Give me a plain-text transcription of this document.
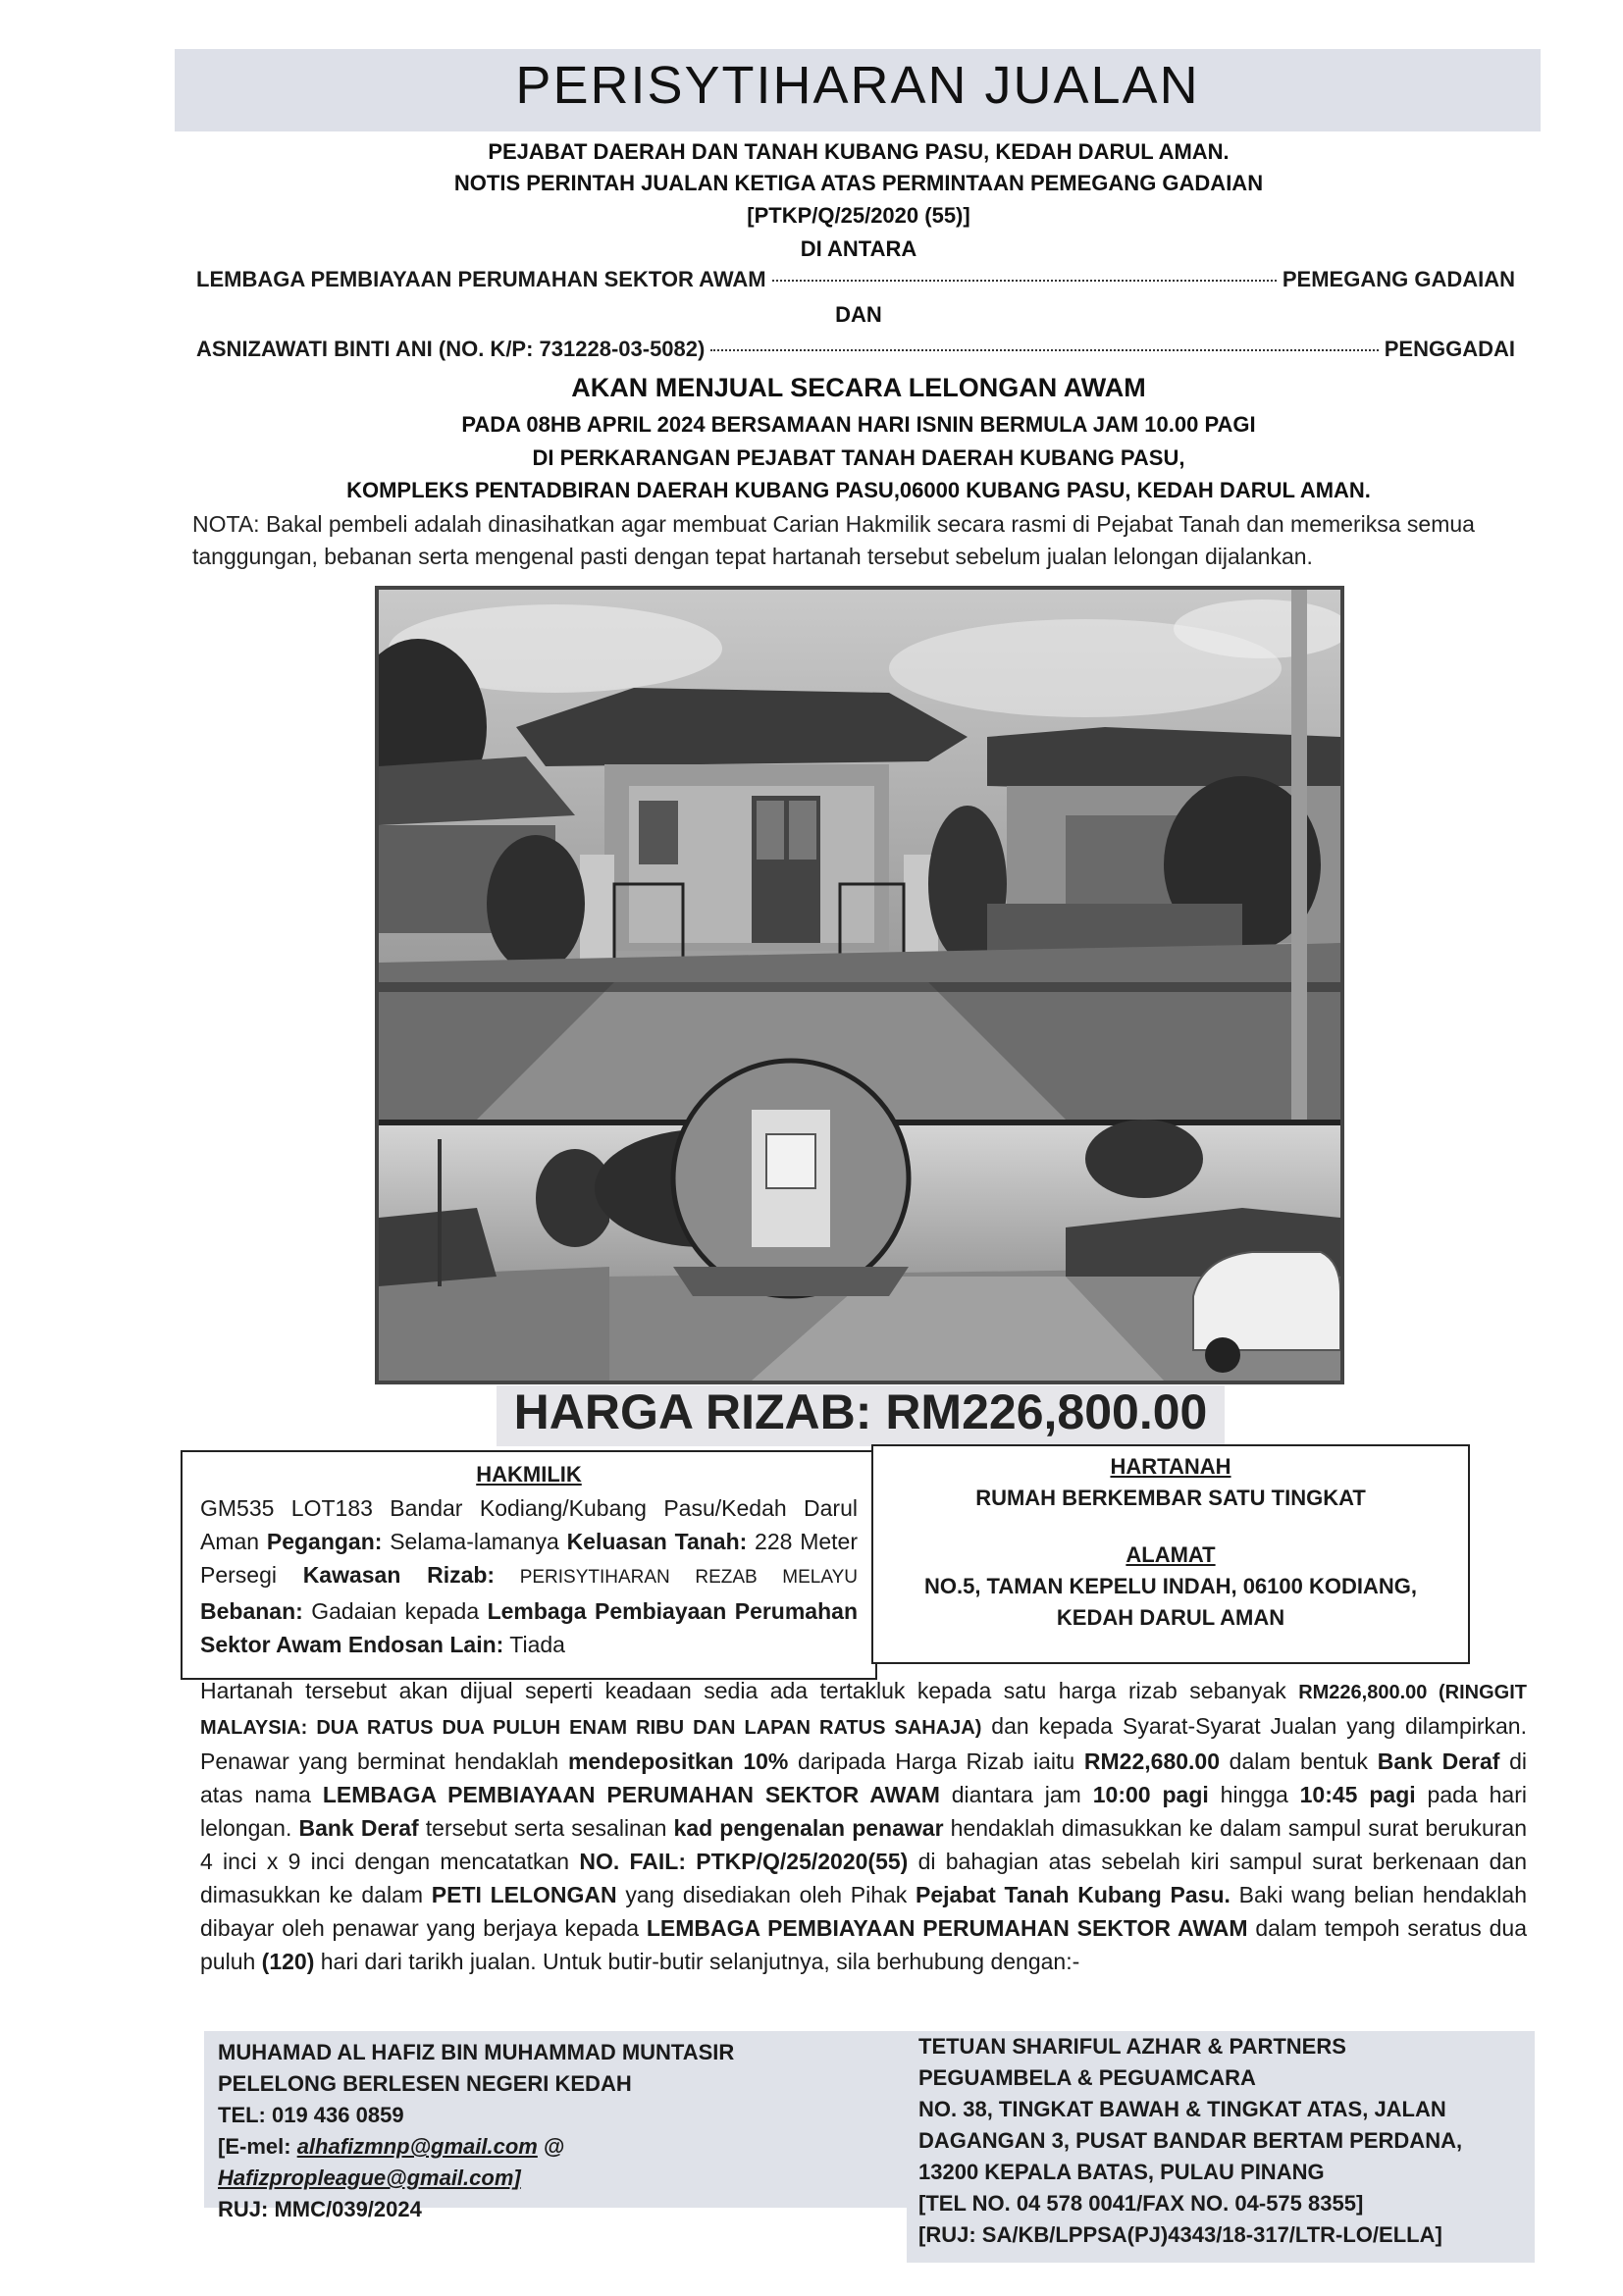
PERISYTIHARAN JUALAN
PEJABAT DAERAH DAN TANAH KUBANG PASU, KEDAH DARUL AMAN.
NOTIS PERINTAH JUALAN KETIGA ATAS PERMINTAAN PEMEGANG GADAIAN
[PTKP/Q/25/2020 (55)]
DI ANTARA
LEMBAGA PEMBIAYAAN PERUMAHAN SEKTOR AWAM	PEMEGANG GADAIAN
DAN
ASNIZAWATI BINTI ANI (NO. K/P: 731228-03-5082)	PENGGADAI
AKAN MENJUAL SECARA LELONGAN AWAM
PADA 08HB APRIL 2024 BERSAMAAN HARI ISNIN BERMULA JAM 10.00 PAGI
DI PERKARANGAN PEJABAT TANAH DAERAH KUBANG PASU,
KOMPLEKS PENTADBIRAN DAERAH KUBANG PASU,06000 KUBANG PASU, KEDAH DARUL AMAN.
NOTA: Bakal pembeli adalah dinasihatkan agar membuat Carian Hakmilik secara rasmi di Pejabat Tanah dan memeriksa semua tanggungan, bebanan serta mengenal pasti dengan tepat hartanah tersebut sebelum jualan lelongan dijalankan.
HARGA RIZAB: RM226,800.00
HAKMILIK
GM535 LOT183 Bandar Kodiang/Kubang Pasu/Kedah Darul Aman Pegangan: Selama-lamanya Keluasan Tanah: 228 Meter Persegi Kawasan Rizab: PERISYTIHARAN REZAB MELAYU Bebanan: Gadaian kepada Lembaga Pembiayaan Perumahan Sektor Awam Endosan Lain: Tiada
HARTANAH
RUMAH BERKEMBAR SATU TINGKAT
ALAMAT
NO.5, TAMAN KEPELU INDAH, 06100 KODIANG,
KEDAH DARUL AMAN
Hartanah tersebut akan dijual seperti keadaan sedia ada tertakluk kepada satu harga rizab sebanyak RM226,800.00 (RINGGIT MALAYSIA: DUA RATUS DUA PULUH ENAM RIBU DAN LAPAN RATUS SAHAJA) dan kepada Syarat-Syarat Jualan yang dilampirkan. Penawar yang berminat hendaklah mendepositkan 10% daripada Harga Rizab iaitu RM22,680.00 dalam bentuk Bank Deraf di atas nama LEMBAGA PEMBIAYAAN PERUMAHAN SEKTOR AWAM diantara jam 10:00 pagi hingga 10:45 pagi pada hari lelongan. Bank Deraf tersebut serta sesalinan kad pengenalan penawar hendaklah dimasukkan ke dalam sampul surat berukuran 4 inci x 9 inci dengan mencatatkan NO. FAIL: PTKP/Q/25/2020(55) di bahagian atas sebelah kiri sampul surat berkenaan dan dimasukkan ke dalam PETI LELONGAN yang disediakan oleh Pihak Pejabat Tanah Kubang Pasu. Baki wang belian hendaklah dibayar oleh penawar yang berjaya kepada LEMBAGA PEMBIAYAAN PERUMAHAN SEKTOR AWAM dalam tempoh seratus dua puluh (120) hari dari tarikh jualan. Untuk butir-butir selanjutnya, sila berhubung dengan:-
MUHAMAD AL HAFIZ BIN MUHAMMAD MUNTASIR
PELELONG BERLESEN NEGERI KEDAH
TEL: 019 436 0859
[E-mel: alhafizmnp@gmail.com @
Hafizpropleague@gmail.com]
RUJ: MMC/039/2024
TETUAN SHARIFUL AZHAR & PARTNERS
PEGUAMBELA & PEGUAMCARA
NO. 38, TINGKAT BAWAH & TINGKAT ATAS, JALAN
DAGANGAN 3, PUSAT BANDAR BERTAM PERDANA,
13200 KEPALA BATAS, PULAU PINANG
[TEL NO. 04 578 0041/FAX NO. 04-575 8355]
[RUJ: SA/KB/LPPSA(PJ)4343/18-317/LTR-LO/ELLA]
